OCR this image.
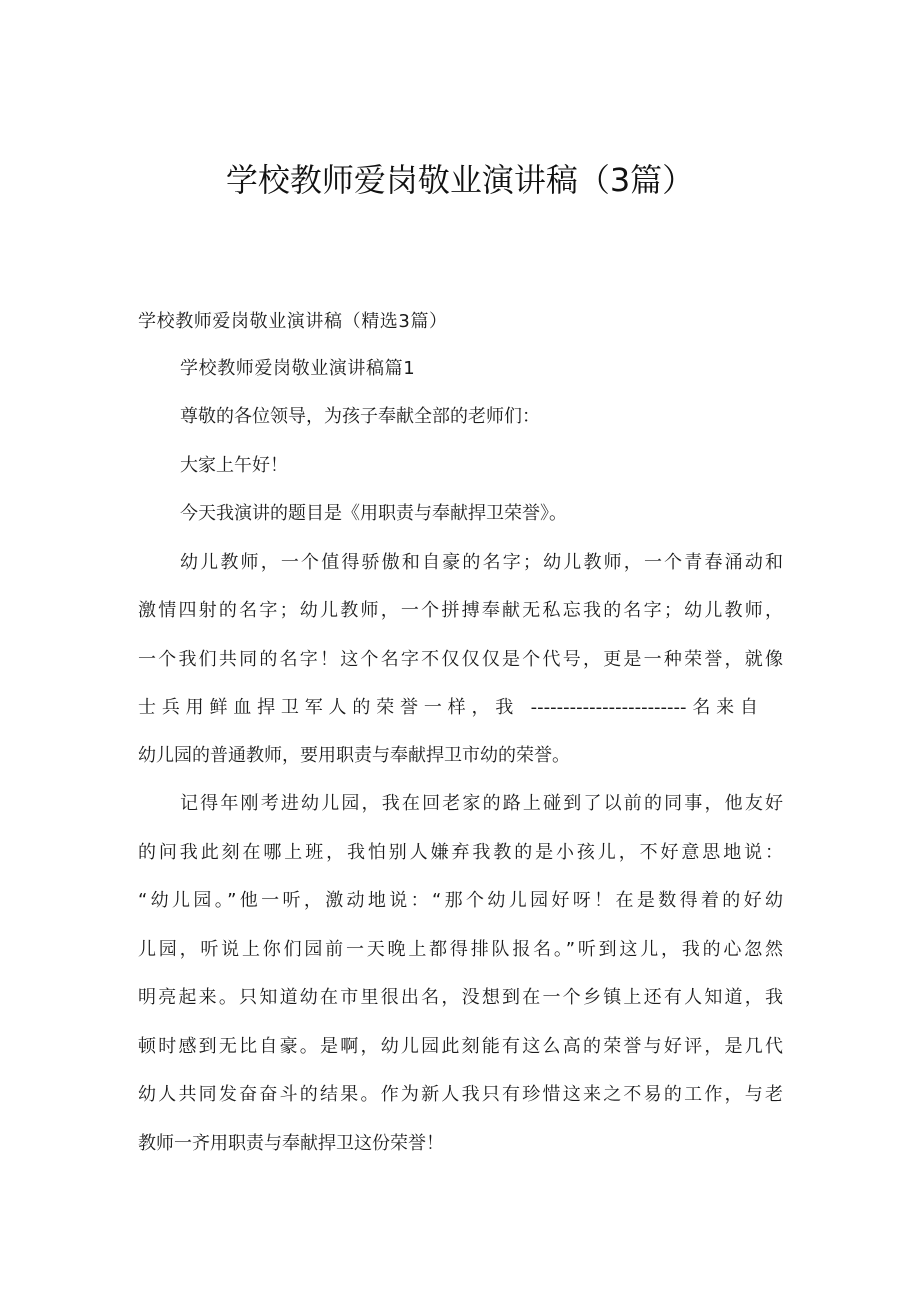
学校教师爱岗敬业演讲稿（3篇）

学校教师爱岗敬业演讲稿（精选3篇）

学校教师爱岗敬业演讲稿篇1

尊敬的各位领导，为孩子奉献全部的老师们：

大家上午好！

今天我演讲的题目是《用职责与奉献捍卫荣誉》。

幼儿教师，一个值得骄傲和自豪的名字；幼儿教师，一个青春涌动和

激情四射的名字；幼儿教师，一个拼搏奉献无私忘我的名字；幼儿教师，

一个我们共同的名字！这个名字不仅仅仅是个代号，更是一种荣誉，就像

士兵用鲜血捍卫军人的荣誉一样，我 ------------------------名来自

幼儿园的普通教师，要用职责与奉献捍卫市幼的荣誉。

记得年刚考进幼儿园，我在回老家的路上碰到了以前的同事，他友好

的问我此刻在哪上班，我怕别人嫌弃我教的是小孩儿，不好意思地说：

“幼儿园。”他一听，激动地说：“那个幼儿园好呀！在是数得着的好幼

儿园，听说上你们园前一天晚上都得排队报名。”听到这儿，我的心忽然

明亮起来。只知道幼在市里很出名，没想到在一个乡镇上还有人知道，我

顿时感到无比自豪。是啊，幼儿园此刻能有这么高的荣誉与好评，是几代

幼人共同发奋奋斗的结果。作为新人我只有珍惜这来之不易的工作，与老

教师一齐用职责与奉献捍卫这份荣誉！
